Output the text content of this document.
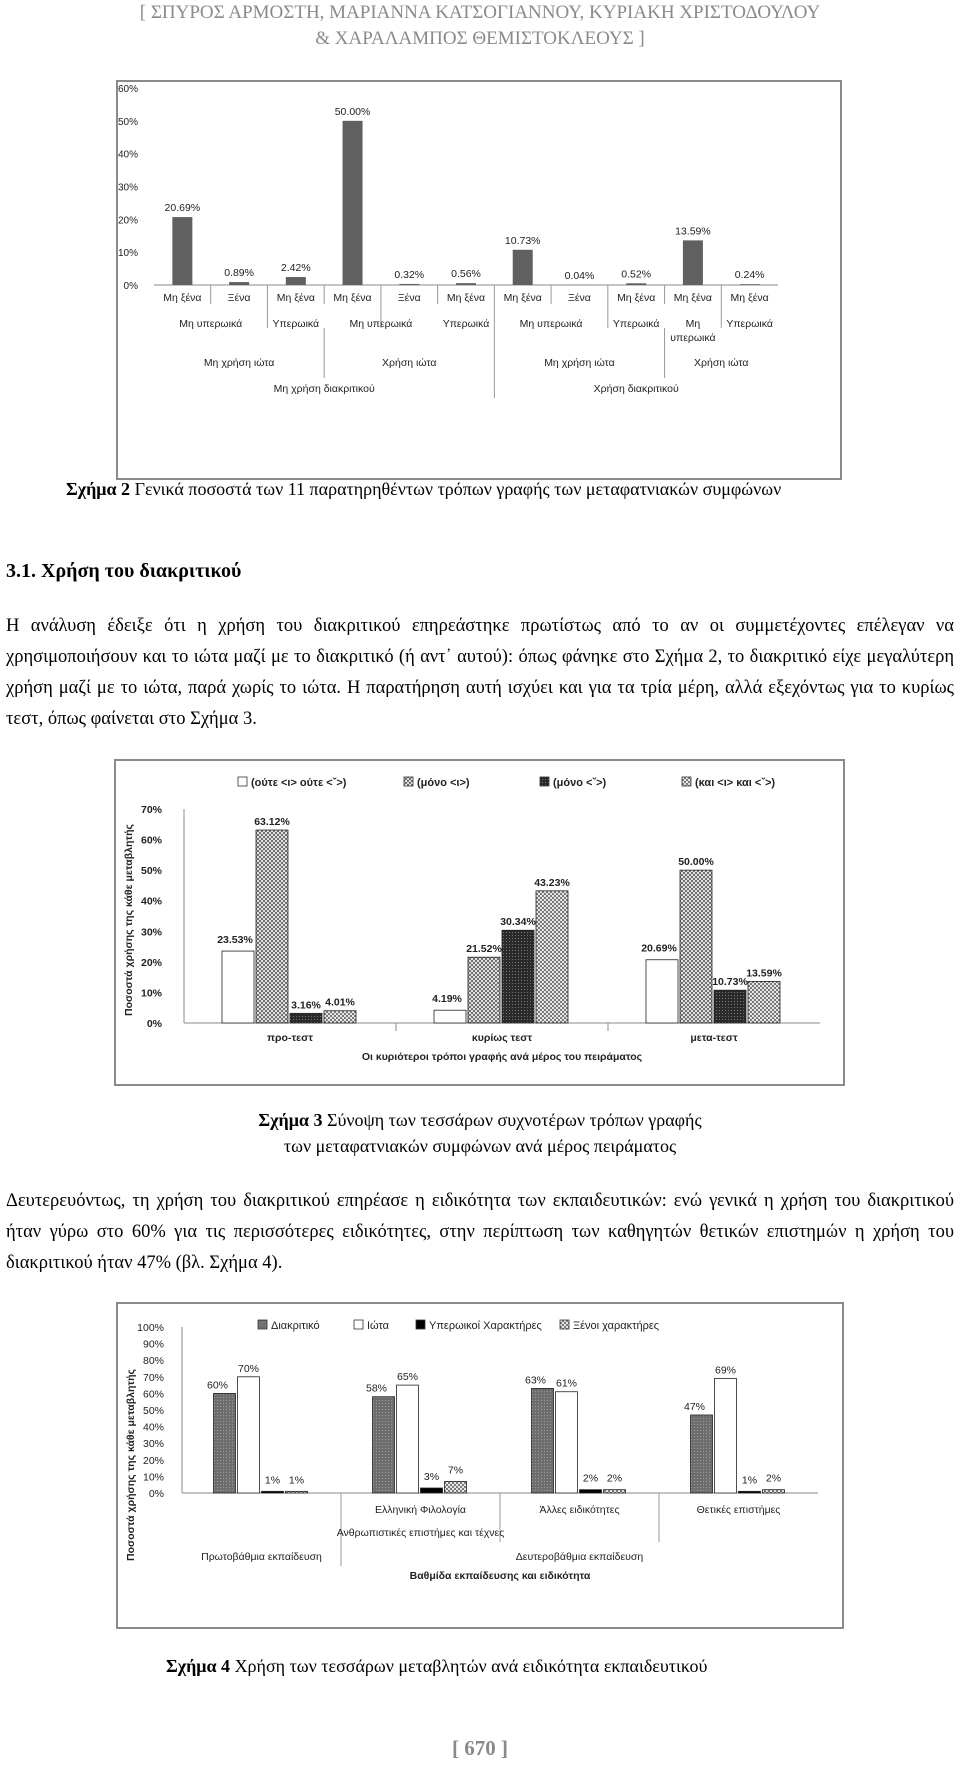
[ ΣΠΥΡΟΣ ΑΡΜΟΣΤΗ, ΜΑΡΙΑΝΝΑ ΚΑΤΣΟΓΙΑΝΝΟΥ, ΚΥΡΙΑΚΗ ΧΡΙΣΤΟΔΟΥΛΟΥ
& ΧΑΡΑΛΑΜΠΟΣ ΘΕΜΙΣΤΟΚΛΕΟΥΣ ]
0%
10%
20%
30%
40%
50%
60%
20.69%
Μη ξένα
0.89%
Ξένα
2.42%
Μη ξένα
50.00%
Μη ξένα
0.32%
Ξένα
0.56%
Μη ξένα
10.73%
Μη ξένα
0.04%
Ξένα
0.52%
Μη ξένα
13.59%
Μη ξένα
0.24%
Μη ξένα
Μη υπερωικά	Υπερωικά	Μη υπερωικά	Υπερωικά	Μη υπερωικά	Υπερωικά Μη
υπερωικά
Υπερωικά
Μη χρήση ιώτα	Χρήση ιώτα	Μη χρήση ιώτα	Χρήση ιώτα
Μη χρήση διακριτικού	Χρήση διακριτικού
Σχήμα 2 Γενικά ποσοστά των 11 παρατηρηθέντων τρόπων γραφής των μεταφατνιακών συμφώνων
3.1. Χρήση του διακριτικού
Η ανάλυση έδειξε ότι η χρήση του διακριτικού επηρεάστηκε πρωτίστως από το αν οι συμμετέχοντες επέλεγαν να χρησιμοποιήσουν και το ιώτα μαζί με το διακριτικό (ή αντ᾽ αυτού): όπως φάνηκε στο Σχήμα 2, το διακριτικό είχε μεγαλύτερη χρήση μαζί με το ιώτα, παρά χωρίς το ιώτα. Η παρατήρηση αυτή ισχύει και για τα τρία μέρη, αλλά εξεχόντως για το κυρίως τεστ, όπως φαίνεται στο Σχήμα 3.
(ούτε <ι> ούτε <ˇ>)	(μόνο <ι>)	(μόνο <ˇ>)	(και <ι> και <ˇ>)
0%
10%
20%
30%
40%
50%
60%
70%
Ποσοστά χρήσης της κάθε μεταβλητής	23.53%
63.12%
3.16% 4.01%
προ-τεστ
4.19%
21.52%
30.34%
43.23%
κυρίως τεστ
20.69%
50.00%
10.73%
13.59%
μετα-τεστ
Οι κυριότεροι τρόποι γραφής ανά μέρος του πειράματος
Σχήμα 3 Σύνοψη των τεσσάρων συχνοτέρων τρόπων γραφής
των μεταφατνιακών συμφώνων ανά μέρος πειράματος
Δευτερευόντως, τη χρήση του διακριτικού επηρέασε η ειδικότητα των εκπαιδευτικών: ενώ γενικά η χρήση του διακριτικού ήταν γύρω στο 60% για τις περισσότερες ειδικότητες, στην περίπτωση των καθηγητών θετικών επιστημών η χρήση του διακριτικού ήταν 47% (βλ. Σχήμα 4).
Διακριτικό	Ιώτα	Υπερωικοί Χαρακτήρες	Ξένοι χαρακτήρες
0%
10%
20%
30%
40%
50%
60%
70%
80%
90%
100%
Ποσοστά χρήσης της κάθε μεταβλητής	60%
70%
1% 1%
58%
65%
3%
7%
Ελληνική Φιλολογία
63% 61%
2% 2%
Άλλες ειδικότητες
47%
69%
1% 2%
Θετικές επιστήμες
Ανθρωπιστικές επιστήμες και τέχνες
Πρωτοβάθμια εκπαίδευση	Δευτεροβάθμια εκπαίδευση
Βαθμίδα εκπαίδευσης και ειδικότητα
Σχήμα 4 Χρήση των τεσσάρων μεταβλητών ανά ειδικότητα εκπαιδευτικού
[ 670 ]
